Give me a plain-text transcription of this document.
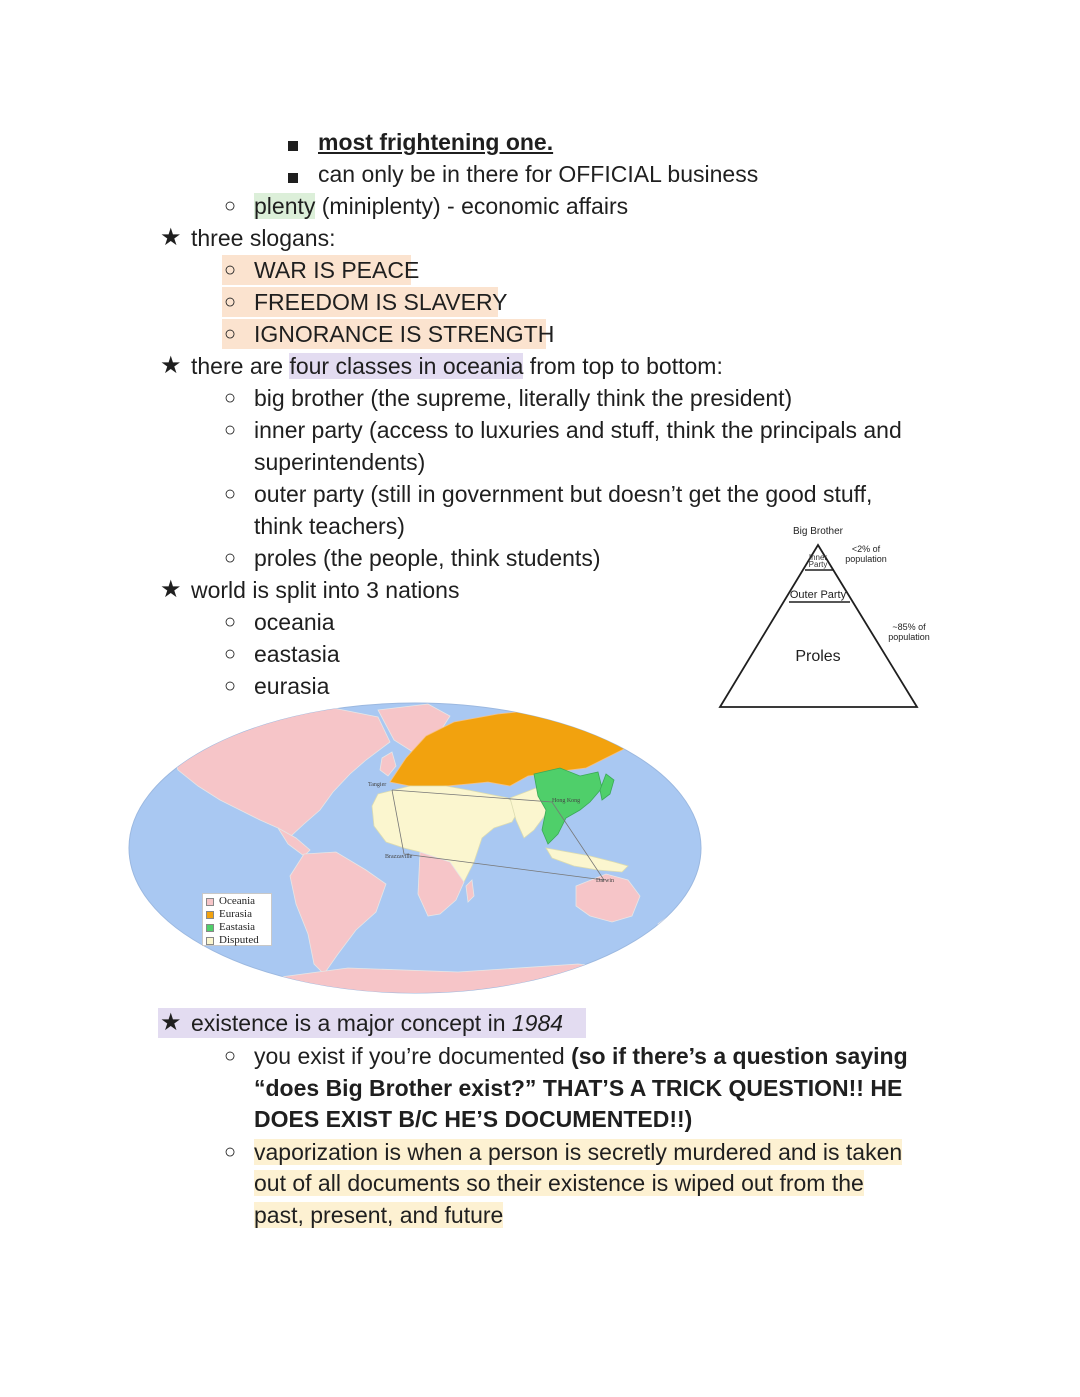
most frightening one.
can only be in there for OFFICIAL business
○ plenty (miniplenty) - economic affairs
★ three slogans:
○ WAR IS PEACE
○ FREEDOM IS SLAVERY
○ IGNORANCE IS STRENGTH
★ there are four classes in oceania from top to bottom:
○ big brother (the supreme, literally think the president)
○ inner party (access to luxuries and stuff, think the principals and
superintendents)
○ outer party (still in government but doesn’t get the good stuff,
think teachers)
○ proles (the people, think students)
★ world is split into 3 nations
○ oceania
○ eastasia
○ eurasia
Big Brother
Inner
Party
Outer Party
Proles
<2% of
population
~85% of
population
Tangier
Hong Kong
Brazzaville
Darwin
Oceania
Eurasia
Eastasia
Disputed
★ existence is a major concept in 1984
○ you exist if you’re documented (so if there’s a question saying
“does Big Brother exist?” THAT’S A TRICK QUESTION!! HE
DOES EXIST B/C HE’S DOCUMENTED!!)
○ vaporization is when a person is secretly murdered and is taken
out of all documents so their existence is wiped out from the
past, present, and future
